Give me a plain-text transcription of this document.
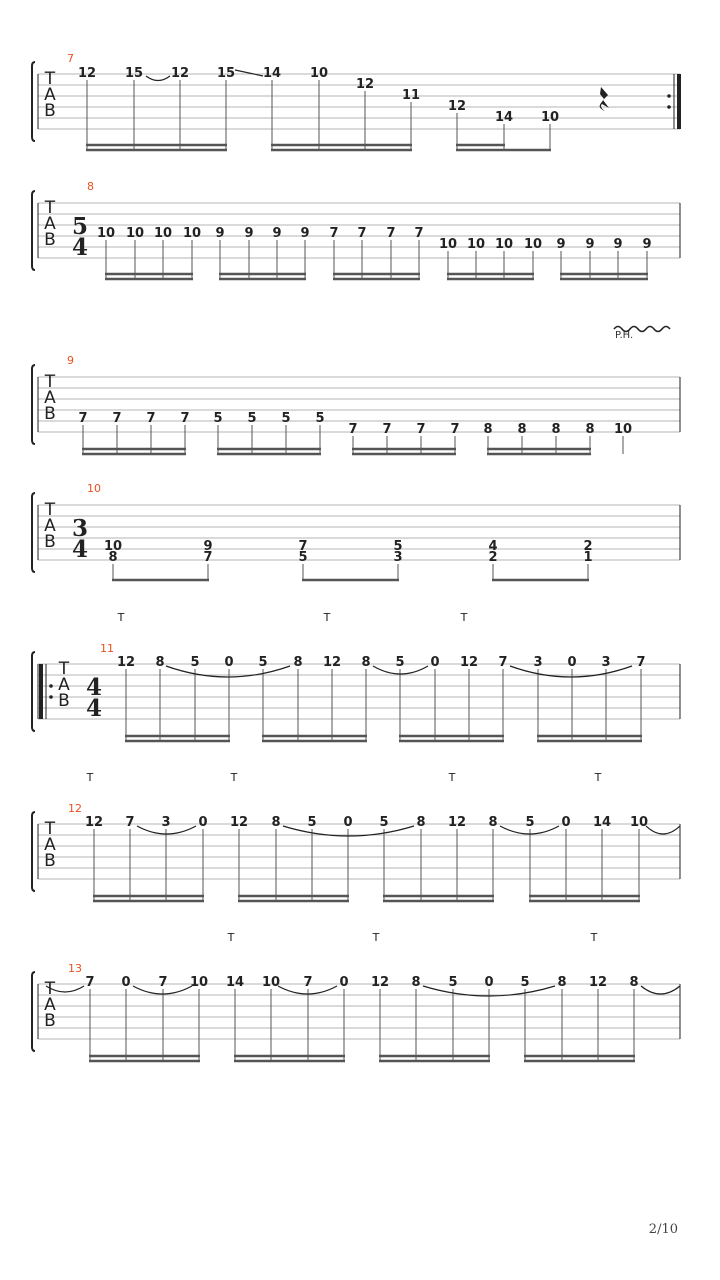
T
A
B
7
12 15 12 15 14 10
12
11
12
14 10
T
A
B
8
5
4
10 10 10 10 9 9 9 9 7 7 7 7
10 10 10 10 9 9 9 9
T
A
B
9
P.H.
7 7 7 7 5 5 5 5
7 7 7 7 8 8 8 8 10
T
A
B
10
3
4 10
8
9
7
7
5
5
3
4
2
2
1
T
A
B
11
4
4
12 8 5 0 5 8 12 8 5 0 12 7 3 0 3 7
T	T	T
T
A
B
12
12 7 3 0 12 8 5 0 5 8 12 8 5 0 14 10
T	T	T	T
T
A
B
13
7 0 7 10 14 10 7 0 12 8 5 0 5 8 12 8
T	T	T
2/10
